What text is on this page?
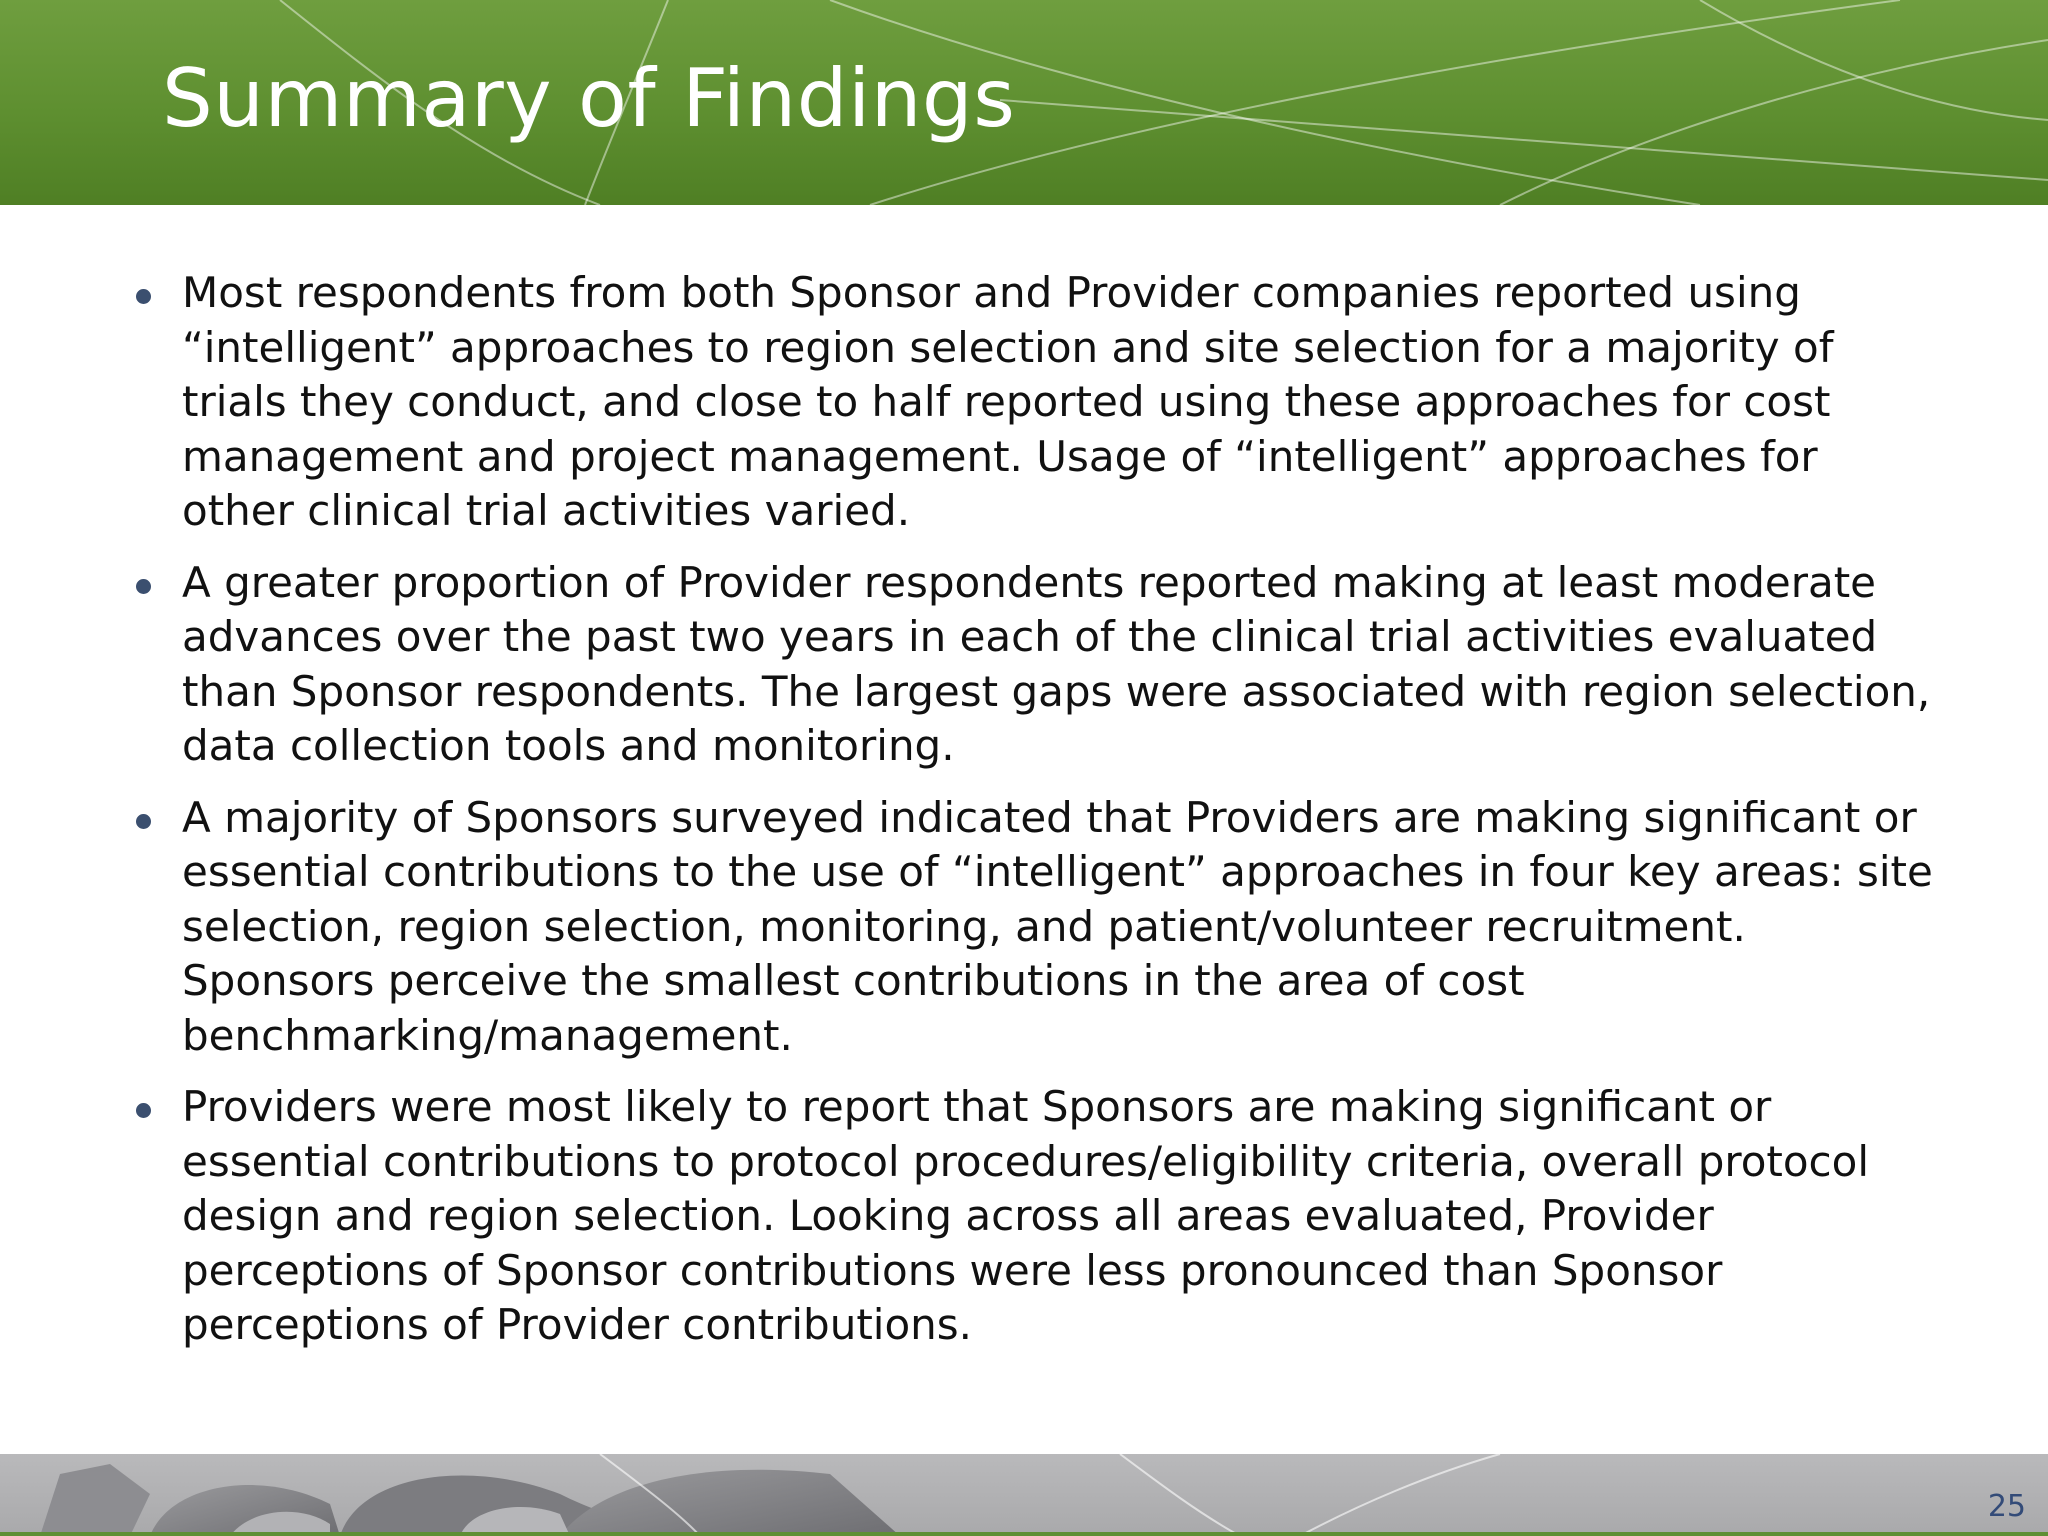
Summary of Findings
Most respondents from both Sponsor and Provider companies reported using “intelligent” approaches to region selection and site selection for a majority of trials they conduct, and close to half reported using these approaches for cost management and project management. Usage of “intelligent” approaches for other clinical trial activities varied.
A greater proportion of Provider respondents reported making at least moderate advances over the past two years in each of the clinical trial activities evaluated than Sponsor respondents. The largest gaps were associated with region selection, data collection tools and monitoring.
A majority of Sponsors surveyed indicated that Providers are making significant or essential contributions to the use of “intelligent” approaches in four key areas: site selection, region selection, monitoring, and patient/volunteer recruitment. Sponsors perceive the smallest contributions in the area of cost benchmarking/management.
Providers were most likely to report that Sponsors are making significant or essential contributions to protocol procedures/eligibility criteria, overall protocol design and region selection. Looking across all areas evaluated, Provider perceptions of Sponsor contributions were less pronounced than Sponsor perceptions of Provider contributions.
25
